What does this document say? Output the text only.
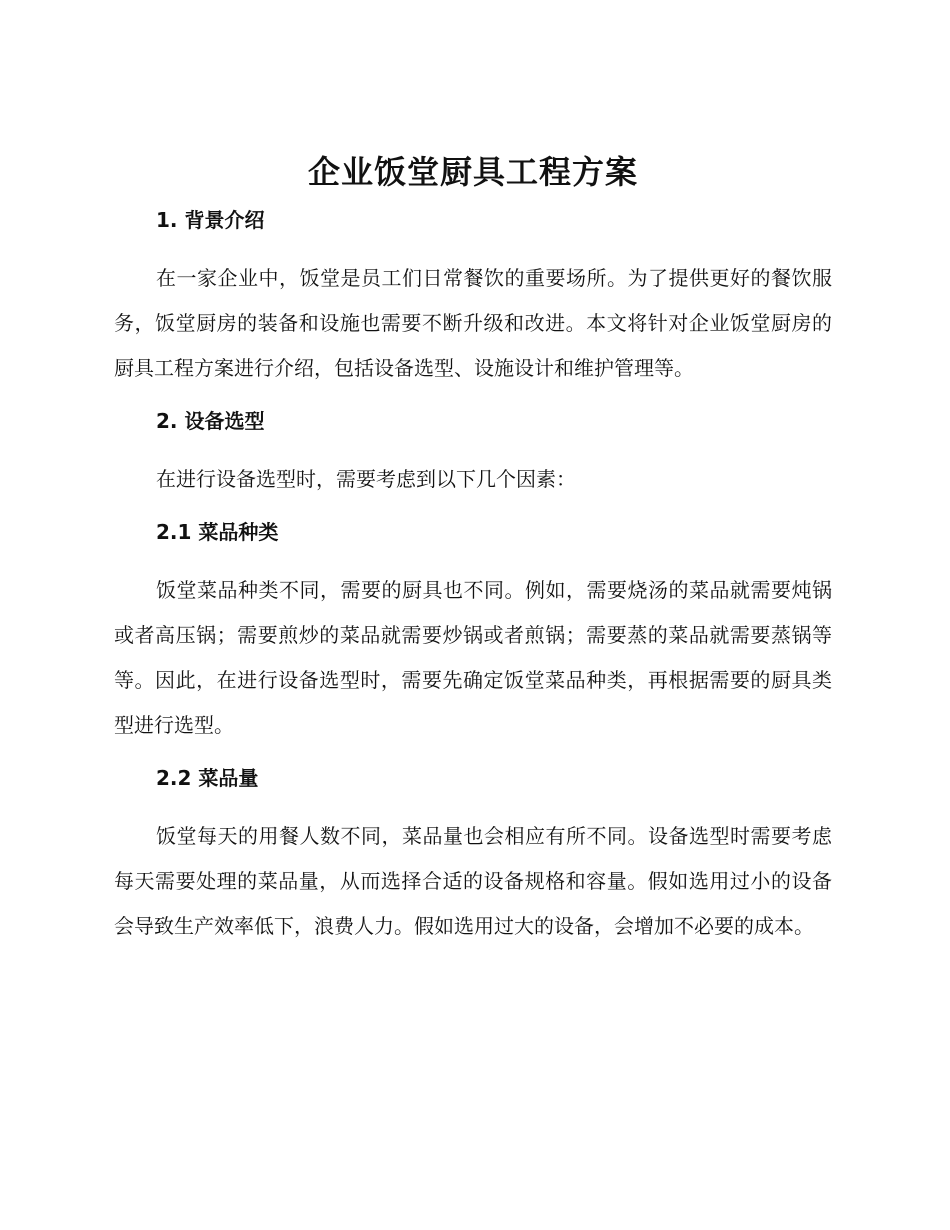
企业饭堂厨具工程方案
1. 背景介绍

在一家企业中，饭堂是员工们日常餐饮的重要场所。为了提供更好的餐饮服务，饭堂厨房的装备和设施也需要不断升级和改进。本文将针对企业饭堂厨房的厨具工程方案进行介绍，包括设备选型、设施设计和维护管理等。

2. 设备选型

在进行设备选型时，需要考虑到以下几个因素：

2.1 菜品种类

饭堂菜品种类不同，需要的厨具也不同。例如，需要烧汤的菜品就需要炖锅或者高压锅；需要煎炒的菜品就需要炒锅或者煎锅；需要蒸的菜品就需要蒸锅等等。因此，在进行设备选型时，需要先确定饭堂菜品种类，再根据需要的厨具类型进行选型。

2.2 菜品量

饭堂每天的用餐人数不同，菜品量也会相应有所不同。设备选型时需要考虑每天需要处理的菜品量，从而选择合适的设备规格和容量。假如选用过小的设备会导致生产效率低下，浪费人力。假如选用过大的设备，会增加不必要的成本。
